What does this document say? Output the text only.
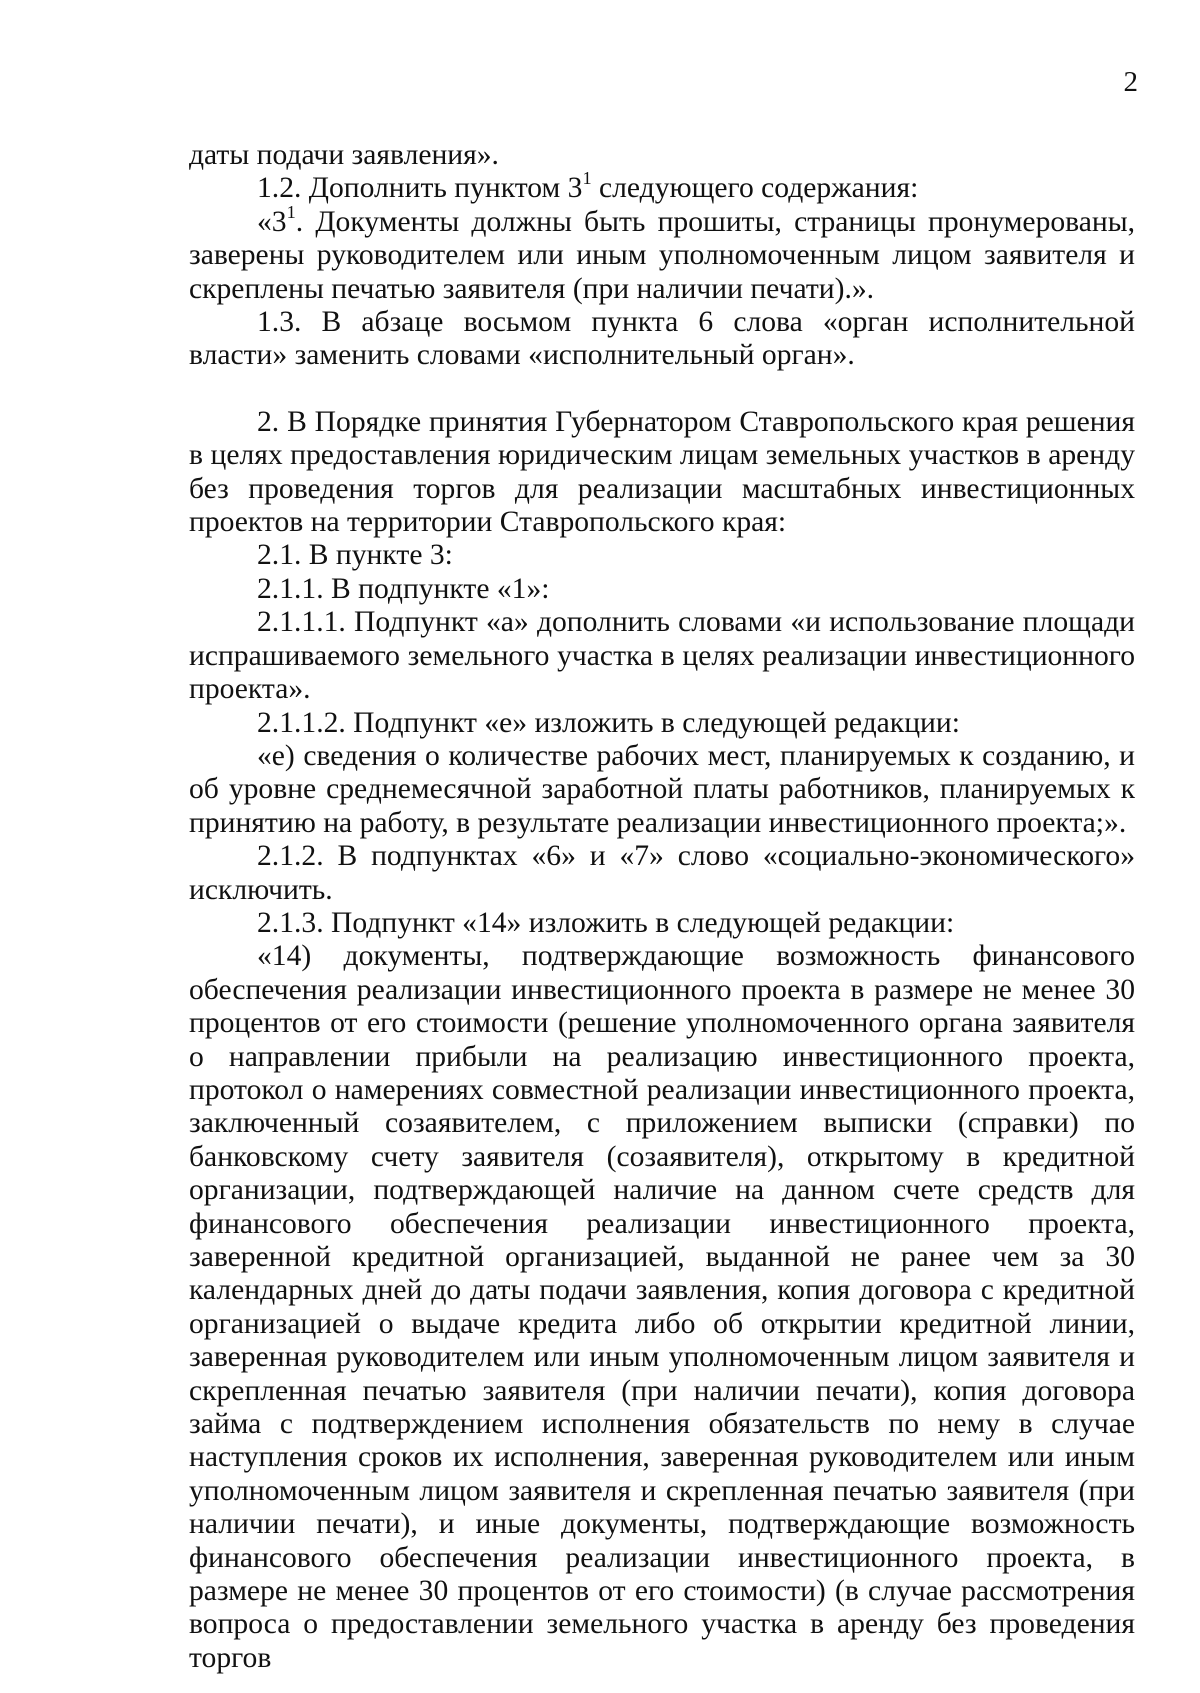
2

даты подачи заявления».

1.2. Дополнить пунктом $3^1$ следующего содержания:

«$3^1$. Документы должны быть прошиты, страницы пронумерованы, заверены руководителем или иным уполномоченным лицом заявителя и скреплены печатью заявителя (при наличии печати).».

1.3. В абзаце восьмом пункта 6 слова «орган исполнительной власти» заменить словами «исполнительный орган».

2. В Порядке принятия Губернатором Ставропольского края решения в целях предоставления юридическим лицам земельных участков в аренду без проведения торгов для реализации масштабных инвестиционных проектов на территории Ставропольского края:

2.1. В пункте 3:

2.1.1. В подпункте «1»:

2.1.1.1. Подпункт «а» дополнить словами «и использование площади испрашиваемого земельного участка в целях реализации инвестиционного проекта».

2.1.1.2. Подпункт «е» изложить в следующей редакции:

«е) сведения о количестве рабочих мест, планируемых к созданию, и об уровне среднемесячной заработной платы работников, планируемых к принятию на работу, в результате реализации инвестиционного проекта;».

2.1.2. В подпунктах «6» и «7» слово «социально-экономического» исключить.

2.1.3. Подпункт «14» изложить в следующей редакции:

«14) документы, подтверждающие возможность финансового обеспечения реализации инвестиционного проекта в размере не менее 30 процентов от его стоимости (решение уполномоченного органа заявителя о направлении прибыли на реализацию инвестиционного проекта, протокол о намерениях совместной реализации инвестиционного проекта, заключенный созаявителем, с приложением выписки (справки) по банковскому счету заявителя (созаявителя), открытому в кредитной организации, подтверждающей наличие на данном счете средств для финансового обеспечения реализации инвестиционного проекта, заверенной кредитной организацией, выданной не ранее чем за 30 календарных дней до даты подачи заявления, копия договора с кредитной организацией о выдаче кредита либо об открытии кредитной линии, заверенная руководителем или иным уполномоченным лицом заявителя и скрепленная печатью заявителя (при наличии печати), копия договора займа с подтверждением исполнения обязательств по нему в случае наступления сроков их исполнения, заверенная руководителем или иным уполномоченным лицом заявителя и скрепленная печатью заявителя (при наличии печати), и иные документы, подтверждающие возможность финансового обеспечения реализации инвестиционного проекта, в размере не менее 30 процентов от его стоимости) (в случае рассмотрения вопроса о предоставлении земельного участка в аренду без проведения торгов
